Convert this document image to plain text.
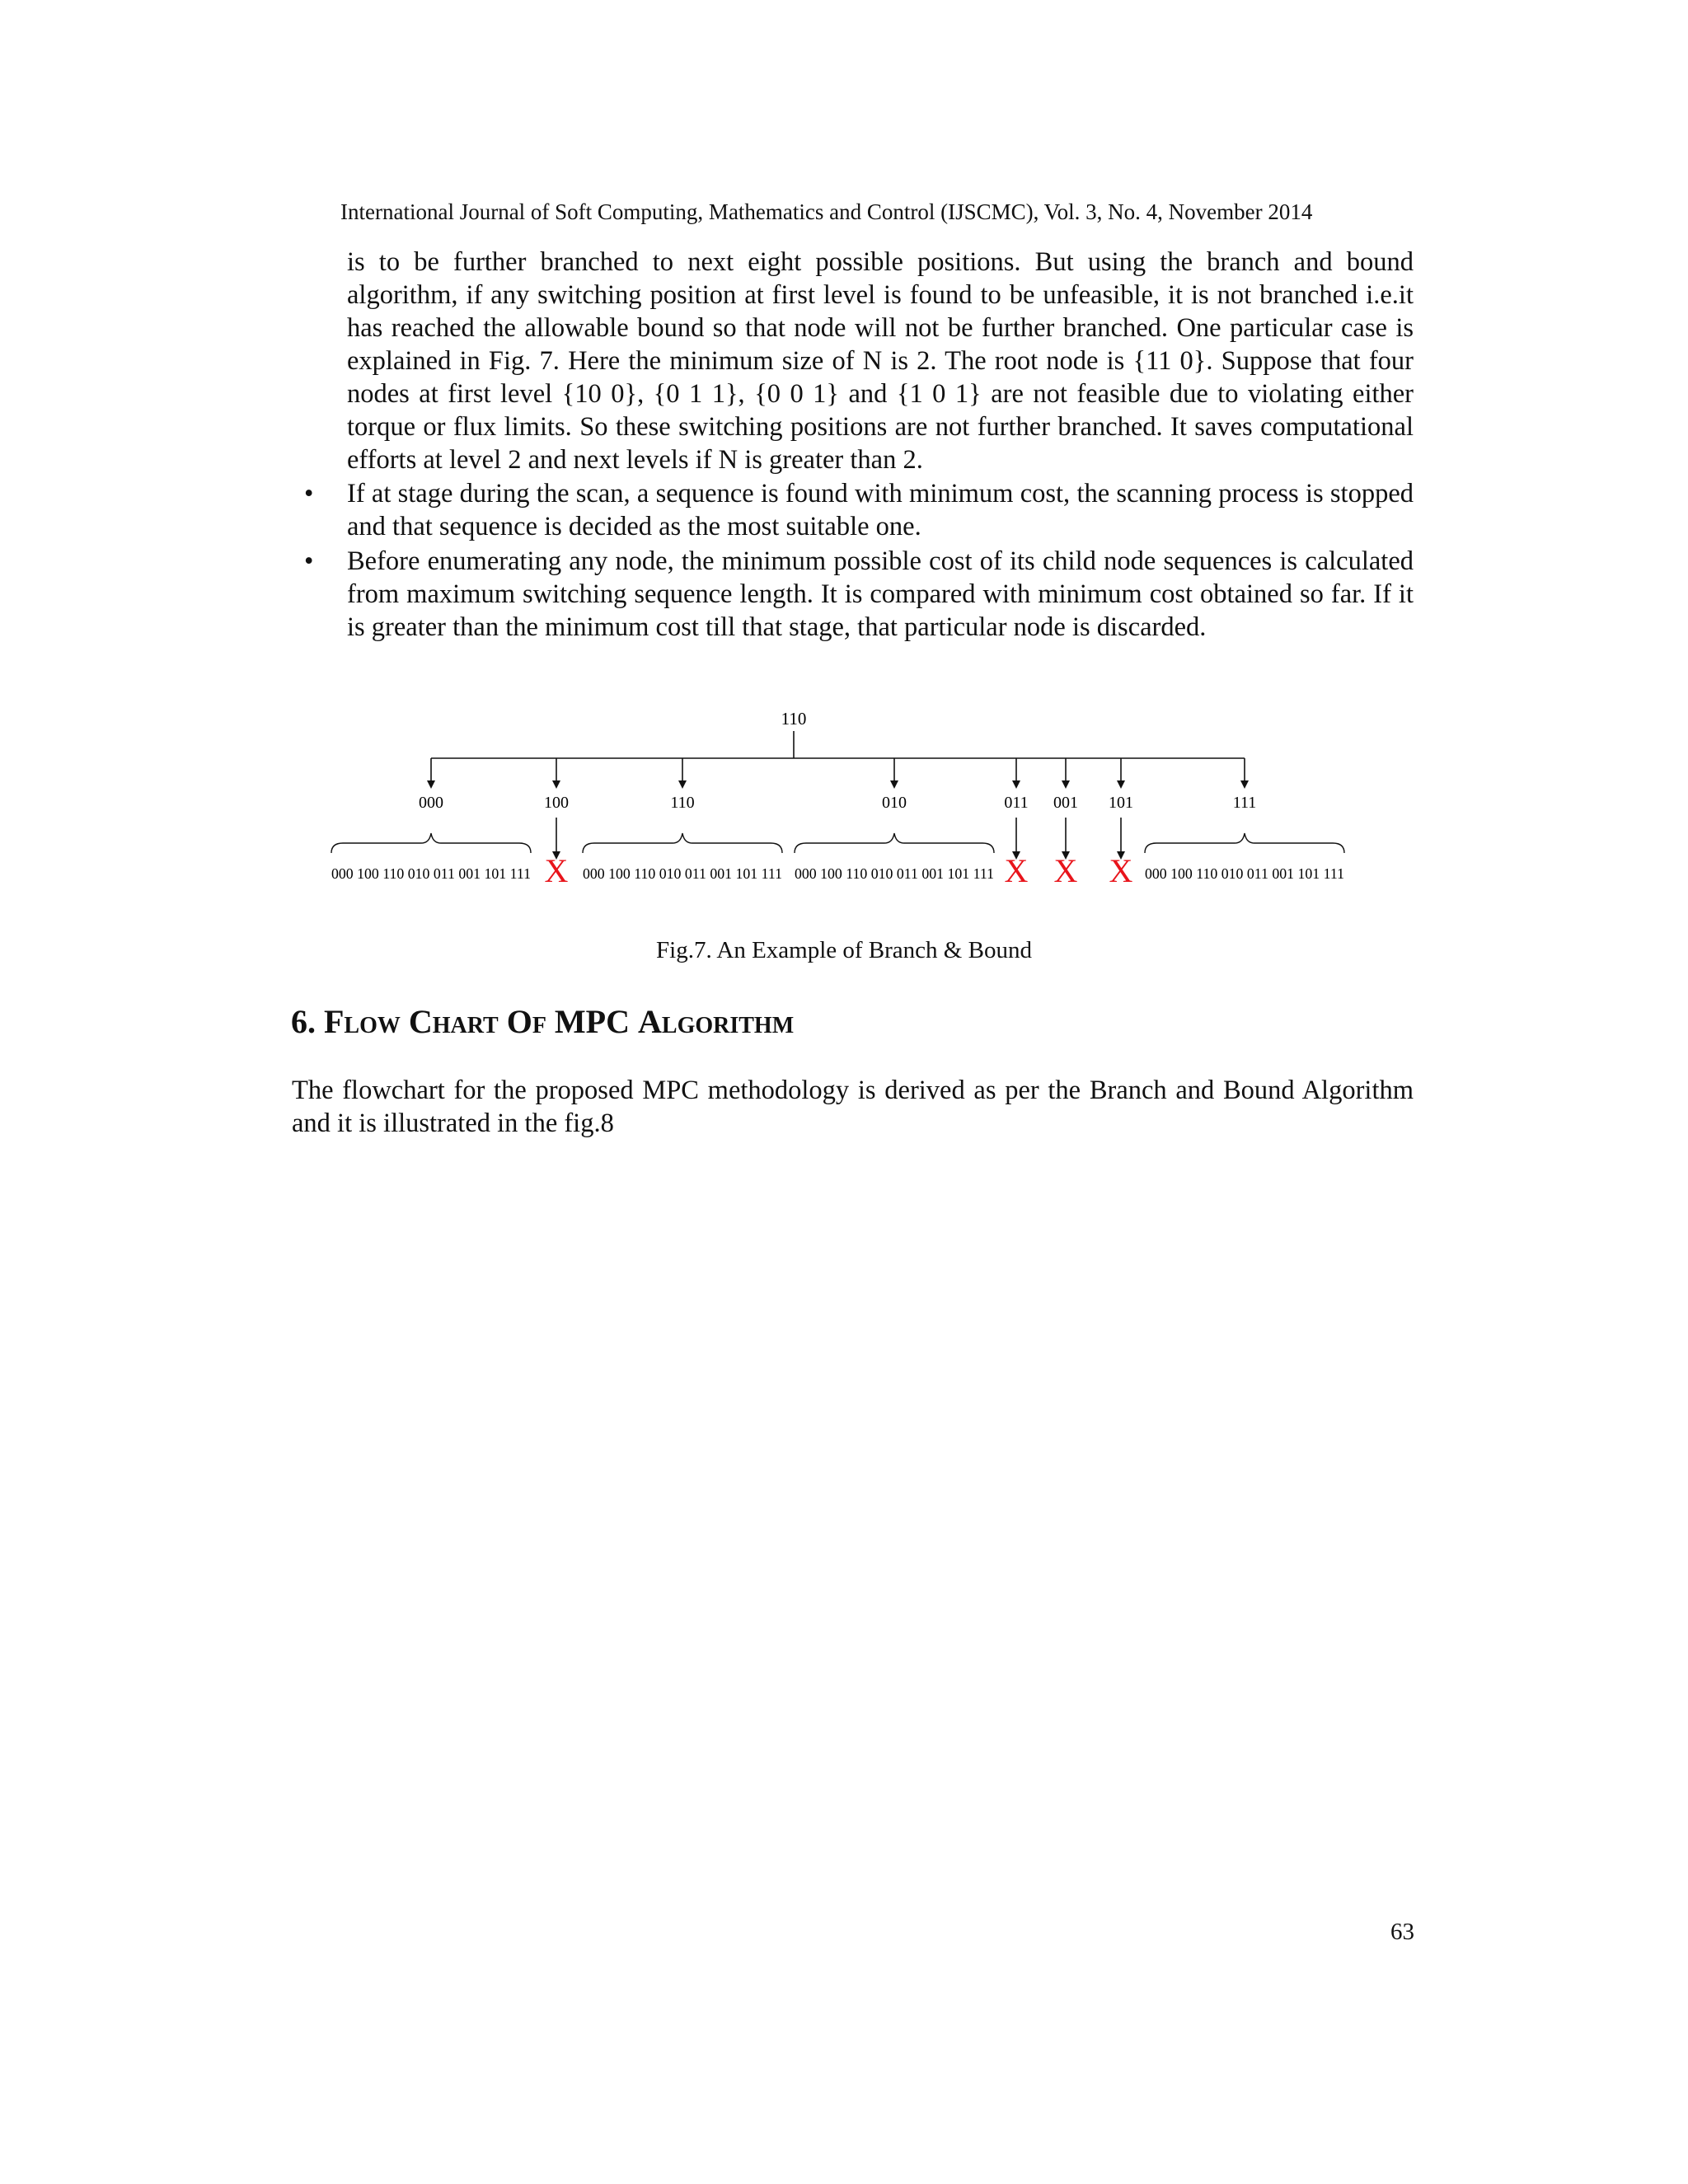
International Journal of Soft Computing, Mathematics and Control (IJSCMC), Vol. 3, No. 4, November 2014

is to be further branched to next eight possible positions. But using the branch and bound algorithm, if any switching position at first level is found to be unfeasible, it is not branched i.e.it has reached the allowable bound so that node will not be further branched. One particular case is explained in Fig. 7. Here the minimum size of N is 2. The root node is {11 0}. Suppose that four nodes at first level {10 0}, {0 1 1}, {0 0 1} and {1 0 1} are not feasible due to violating either torque or flux limits. So these switching positions are not further branched. It saves computational efforts at level 2 and next levels if N is greater than 2.

•	If at stage during the scan, a sequence is found with minimum cost, the scanning process is stopped and that sequence is decided as the most suitable one.
•	Before enumerating any node, the minimum possible cost of its child node sequences is calculated from maximum switching sequence length. It is compared with minimum cost obtained so far. If it is greater than the minimum cost till that stage, that particular node is discarded.
110
000
000 100 110 010 011 001 101 111
100
X
110
000 100 110 010 011 001 101 111
010
000 100 110 010 011 001 101 111
011
X
001
X
101
X
111
000 100 110 010 011 001 101 111
Fig.7. An Example of Branch & Bound
6. Flow Chart Of MPC Algorithm

The flowchart for the proposed MPC methodology is derived as per the Branch and Bound Algorithm and it is illustrated in the fig.8

63
